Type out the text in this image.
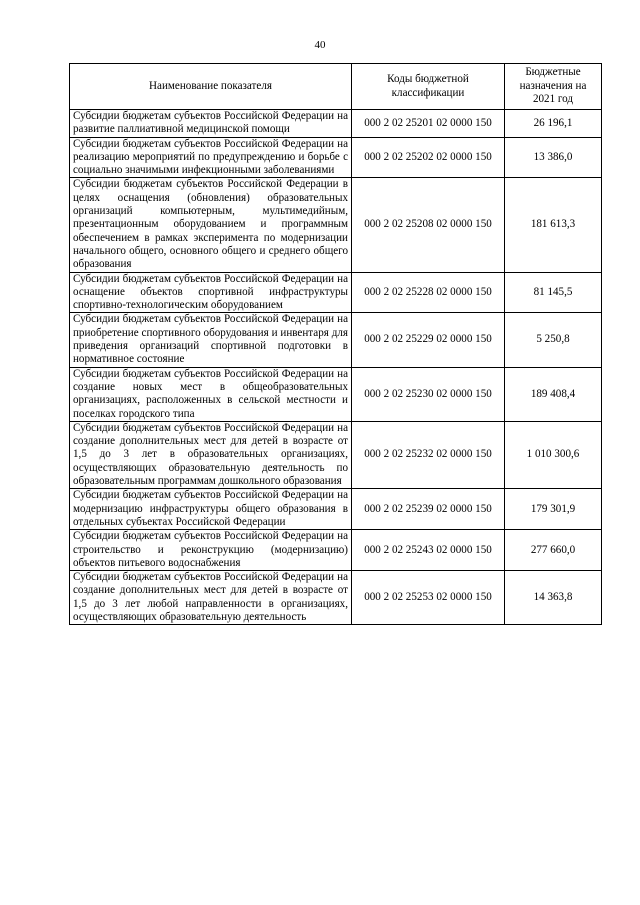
40
Наименование показателя	Коды бюджетной классификации	Бюджетные назначения на 2021 год
Субсидии бюджетам субъектов Российской Федерации на развитие паллиативной медицинской помощи	000 2 02 25201 02 0000 150	26 196,1
Субсидии бюджетам субъектов Российской Федерации на реализацию мероприятий по предупреждению и борьбе с социально значимыми инфекционными заболеваниями	000 2 02 25202 02 0000 150	13 386,0
Субсидии бюджетам субъектов Российской Федерации в целях оснащения (обновления) образовательных организаций компьютерным, мультимедийным, презентационным оборудованием и программным обеспечением в рамках эксперимента по модернизации начального общего, основного общего и среднего общего образования	000 2 02 25208 02 0000 150	181 613,3
Субсидии бюджетам субъектов Российской Федерации на оснащение объектов спортивной инфраструктуры спортивно-технологическим оборудованием	000 2 02 25228 02 0000 150	81 145,5
Субсидии бюджетам субъектов Российской Федерации на приобретение спортивного оборудования и инвентаря для приведения организаций спортивной подготовки в нормативное состояние	000 2 02 25229 02 0000 150	5 250,8
Субсидии бюджетам субъектов Российской Федерации на создание новых мест в общеобразовательных организациях, расположенных в сельской местности и поселках городского типа	000 2 02 25230 02 0000 150	189 408,4
Субсидии бюджетам субъектов Российской Федерации на создание дополнительных мест для детей в возрасте от 1,5 до 3 лет в образовательных организациях, осуществляющих образовательную деятельность по образовательным программам дошкольного образования	000 2 02 25232 02 0000 150	1 010 300,6
Субсидии бюджетам субъектов Российской Федерации на модернизацию инфраструктуры общего образования в отдельных субъектах Российской Федерации	000 2 02 25239 02 0000 150	179 301,9
Субсидии бюджетам субъектов Российской Федерации на строительство и реконструкцию (модернизацию) объектов питьевого водоснабжения	000 2 02 25243 02 0000 150	277 660,0
Субсидии бюджетам субъектов Российской Федерации на создание дополнительных мест для детей в возрасте от 1,5 до 3 лет любой направленности в организациях, осуществляющих образовательную деятельность	000 2 02 25253 02 0000 150	14 363,8
